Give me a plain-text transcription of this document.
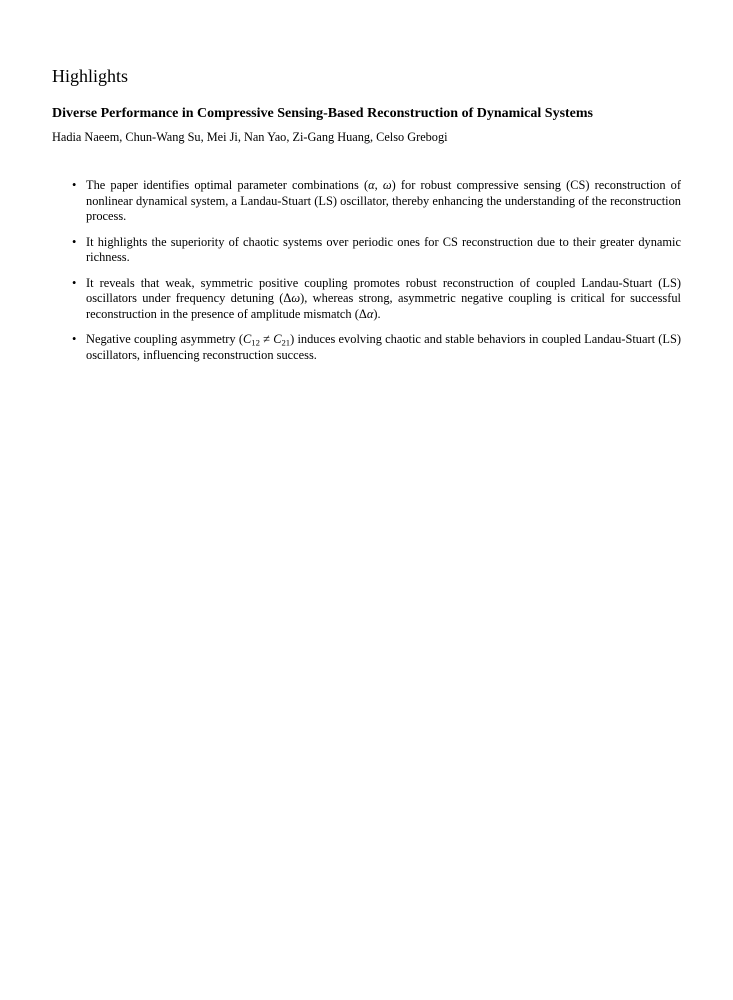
Highlights
Diverse Performance in Compressive Sensing-Based Reconstruction of Dynamical Systems

Hadia Naeem, Chun-Wang Su, Mei Ji, Nan Yao, Zi-Gang Huang, Celso Grebogi

• The paper identifies optimal parameter combinations (α, ω) for robust compressive sensing (CS) reconstruction of nonlinear dynamical system, a Landau-Stuart (LS) oscillator, thereby enhancing the understanding of the reconstruction process.
• It highlights the superiority of chaotic systems over periodic ones for CS reconstruction due to their greater dynamic richness.
• It reveals that weak, symmetric positive coupling promotes robust reconstruction of coupled Landau-Stuart (LS) oscillators under frequency detuning (Δω), whereas strong, asymmetric negative coupling is critical for successful reconstruction in the presence of amplitude mismatch (Δα).
• Negative coupling asymmetry (C12 ≠ C21) induces evolving chaotic and stable behaviors in coupled Landau-Stuart (LS) oscillators, influencing reconstruction success.
